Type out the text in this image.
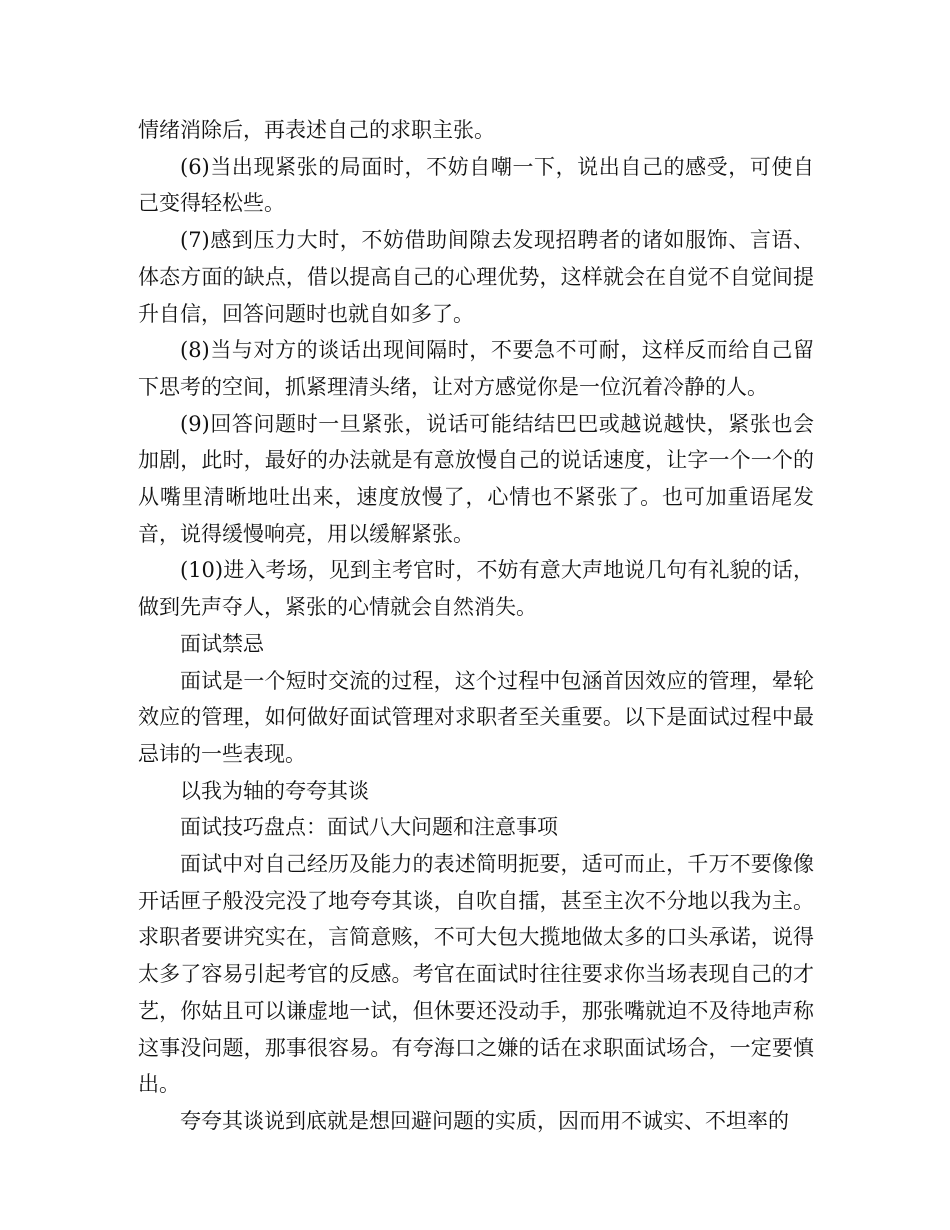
情绪消除后，再表述自己的求职主张。

(6)当出现紧张的局面时，不妨自嘲一下，说出自己的感受，可使自己变得轻松些。

(7)感到压力大时，不妨借助间隙去发现招聘者的诸如服饰、言语、体态方面的缺点，借以提高自己的心理优势，这样就会在自觉不自觉间提升自信，回答问题时也就自如多了。

(8)当与对方的谈话出现间隔时，不要急不可耐，这样反而给自己留下思考的空间，抓紧理清头绪，让对方感觉你是一位沉着冷静的人。

(9)回答问题时一旦紧张，说话可能结结巴巴或越说越快，紧张也会加剧，此时，最好的办法就是有意放慢自己的说话速度，让字一个一个的从嘴里清晰地吐出来，速度放慢了，心情也不紧张了。也可加重语尾发音，说得缓慢响亮，用以缓解紧张。

(10)进入考场，见到主考官时，不妨有意大声地说几句有礼貌的话，做到先声夺人，紧张的心情就会自然消失。

面试禁忌

面试是一个短时交流的过程，这个过程中包涵首因效应的管理，晕轮效应的管理，如何做好面试管理对求职者至关重要。以下是面试过程中最忌讳的一些表现。

以我为轴的夸夸其谈

面试技巧盘点：面试八大问题和注意事项

面试中对自己经历及能力的表述简明扼要，适可而止，千万不要像像开话匣子般没完没了地夸夸其谈，自吹自擂，甚至主次不分地以我为主。求职者要讲究实在，言简意赅，不可大包大揽地做太多的口头承诺，说得太多了容易引起考官的反感。考官在面试时往往要求你当场表现自己的才艺，你姑且可以谦虚地一试，但休要还没动手，那张嘴就迫不及待地声称这事没问题，那事很容易。有夸海口之嫌的话在求职面试场合，一定要慎出。

夸夸其谈说到底就是想回避问题的实质，因而用不诚实、不坦率的
